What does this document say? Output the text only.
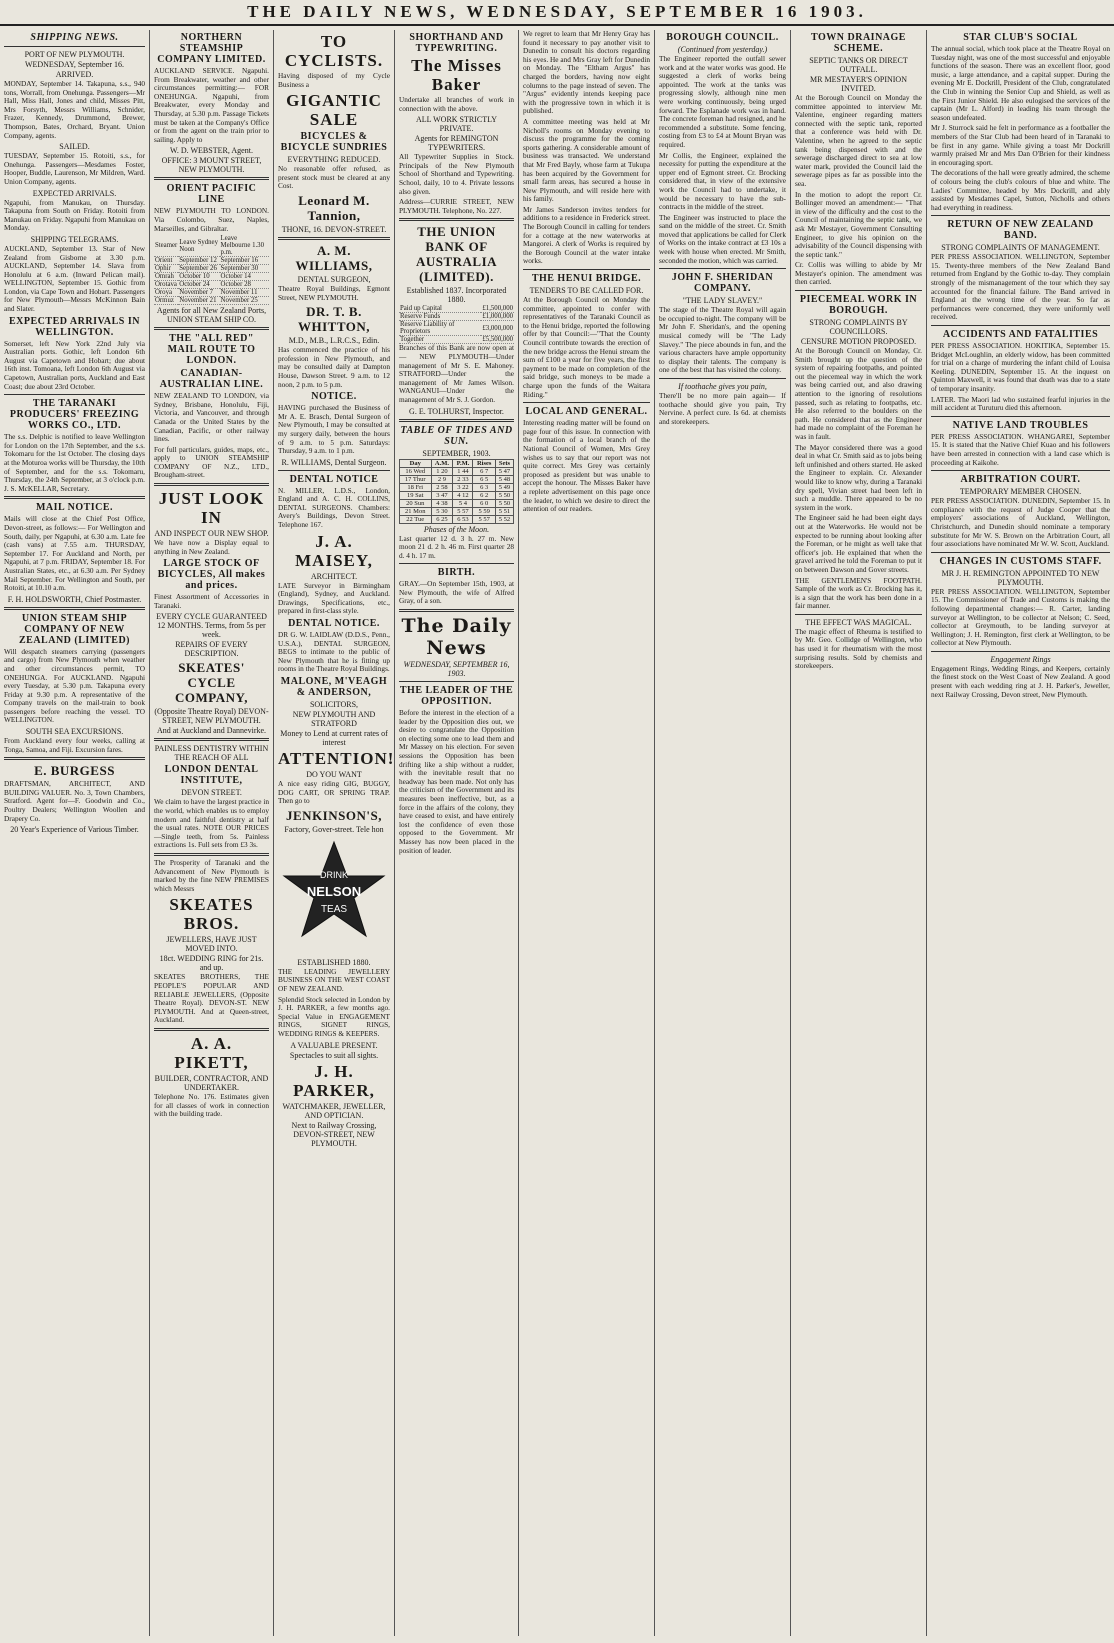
THE DAILY NEWS, WEDNESDAY, SEPTEMBER 16 1903.
SHIPPING NEWS.
PORT OF NEW PLYMOUTH.
WEDNESDAY, September 16.
ARRIVED.

MONDAY, September 14. Takapuna, s.s., 940 tons, Worrall, from Onehunga. Passengers—Mr Hall, Miss Hall, Jones and child, Misses Pitt, Mrs Forsyth, Messrs Williams, Schnider, Frazer, Kennedy, Drummond, Brewer, Thompson, Bates, Orchard, Bryant. Union Company, agents.

SAILED.

TUESDAY, September 15. Rotoiti, s.s., for Onehunga. Passengers—Mesdames Foster, Hooper, Buddle, Laurenson, Mr Mildren, Ward. Union Company, agents.

EXPECTED ARRIVALS.

Ngapuhi, from Manukau, on Thursday. Takapuna from South on Friday. Rotoiti from Manukau on Friday. Ngapuhi from Manukau on Monday.

SHIPPING TELEGRAMS.

AUCKLAND, September 13. Star of New Zealand from Gisborne at 3.30 p.m. AUCKLAND, September 14. Slava from Honolulu at 6 a.m. (Inward Pelican mail). WELLINGTON, September 15. Gothic from London, via Cape Town and Hobart. Passengers for New Plymouth—Messrs McKinnon Bain and Slater.

EXPECTED ARRIVALS IN WELLINGTON.

Somerset, left New York 22nd July via Australian ports. Gothic, left London 6th August via Capetown and Hobart; due about 16th inst. Tomoana, left London 6th August via Capetown, Australian ports, Auckland and East Coast; due about 23rd October.

THE TARANAKI PRODUCERS' FREEZING WORKS CO., LTD.

The s.s. Delphic is notified to leave Wellington for London on the 17th September, and the s.s. Tokomaru for the 1st October. The closing days at the Moturoa works will be Thursday, the 10th of September, and for the s.s. Tokomaru, Thursday, the 24th September, at 3 o'clock p.m. J. S. McKELLAR, Secretary.

MAIL NOTICE.

Mails will close at the Chief Post Office, Devon-street, as follows:— For Wellington and South, daily, per Ngapuhi, at 6.30 a.m. Late fee (cash vans) at 7.55 a.m. THURSDAY, September 17. For Auckland and North, per Ngapuhi, at 7 p.m. FRIDAY, September 18. For Australian States, etc., at 6.30 a.m. Per Sydney Mail September. For Wellington and South, per Rotoiti, at 10.10 a.m.

F. H. HOLDSWORTH, Chief Postmaster.
UNION STEAM SHIP COMPANY OF NEW ZEALAND (LIMITED)

Will despatch steamers carrying (passengers and cargo) from New Plymouth when weather and other circumstances permit, TO ONEHUNGA. For AUCKLAND. Ngapuhi every Tuesday, at 5.30 p.m. Takapuna every Friday at 9.30 p.m. A representative of the Company travels on the mail-train to book passengers before reaching the vessel. TO WELLINGTON.

SOUTH SEA EXCURSIONS.

From Auckland every four weeks, calling at Tonga, Samoa, and Fiji. Excursion fares.

E. BURGESS

DRAFTSMAN, ARCHITECT, AND BUILDING VALUER. No. 3, Town Chambers, Stratford. Agent for—F. Goodwin and Co., Poultry Dealers; Wellington Woollen and Drapery Co.

20 Year's Experience of Various Timber.
NORTHERN STEAMSHIP COMPANY LIMITED.

AUCKLAND SERVICE. Ngapuhi. From Breakwater, weather and other circumstances permitting:— FOR ONEHUNGA. Ngapuhi, from Breakwater, every Monday and Thursday, at 5.30 p.m. Passage Tickets must be taken at the Company's Office or from the agent on the train prior to sailing. Apply to

W. D. WEBSTER, Agent.
OFFICE: 3 MOUNT STREET, NEW PLYMOUTH.
ORIENT PACIFIC LINE

NEW PLYMOUTH TO LONDON. Via Colombo, Suez, Naples, Marseilles, and Gibraltar.

Steamer	Leave Sydney Noon	Leave Melbourne 1.30 p.m.
Orient	September 12	September 16
Ophir	September 26	September 30
Omrah	October 10	October 14
Orotava	October 24	October 28
Oroya	November 7	November 11
Ormuz	November 21	November 25
Agents for all New Zealand Ports, UNION STEAM SHIP CO.
THE "ALL RED" MAIL ROUTE TO LONDON.
CANADIAN-AUSTRALIAN LINE.

NEW ZEALAND TO LONDON, via Sydney, Brisbane, Honolulu, Fiji, Victoria, and Vancouver, and through Canada or the United States by the Canadian, Pacific, or other railway lines.

For full particulars, guides, maps, etc., apply to UNION STEAMSHIP COMPANY OF N.Z., LTD., Brougham-street.

JUST LOOK IN
AND INSPECT OUR NEW SHOP.

We have now a Display equal to anything in New Zealand.

LARGE STOCK OF BICYCLES, All makes and prices.

Finest Assortment of Accessories in Taranaki.

EVERY CYCLE GUARANTEED 12 MONTHS. Terms, from 5s per week.
REPAIRS OF EVERY DESCRIPTION.
SKEATES' CYCLE COMPANY,
(Opposite Theatre Royal) DEVON-STREET, NEW PLYMOUTH.
And at Auckland and Dannevirke.
PAINLESS DENTISTRY WITHIN THE REACH OF ALL
LONDON DENTAL INSTITUTE,
DEVON STREET.

We claim to have the largest practice in the world, which enables us to employ modern and faithful dentistry at half the usual rates. NOTE OUR PRICES—Single teeth, from 5s. Painless extractions 1s. Full sets from £3 3s.

The Prosperity of Taranaki and the Advancement of New Plymouth is marked by the fine NEW PREMISES which Messrs

SKEATES BROS.
JEWELLERS, HAVE JUST MOVED INTO.
18ct. WEDDING RING for 21s. and up.

SKEATES BROTHERS, THE PEOPLE'S POPULAR AND RELIABLE JEWELLERS, (Opposite Theatre Royal). DEVON-ST. NEW PLYMOUTH. And at Queen-street, Auckland.

A. A. PIKETT,
BUILDER, CONTRACTOR, AND UNDERTAKER.

Telephone No. 176. Estimates given for all classes of work in connection with the building trade.

TO CYCLISTS.

Having disposed of my Cycle Business a

GIGANTIC SALE
BICYCLES & BICYCLE SUNDRIES
EVERYTHING REDUCED.

No reasonable offer refused, as present stock must be cleared at any Cost.

Leonard M. Tannion,
THONE, 16. DEVON-STREET.
A. M. WILLIAMS,
DENTAL SURGEON,

Theatre Royal Buildings, Egmont Street, NEW PLYMOUTH.

DR. T. B. WHITTON,
M.D., M.B., L.R.C.S., Edin.

Has commenced the practice of his profession in New Plymouth, and may be consulted daily at Dampton House, Dawson Street. 9 a.m. to 12 noon, 2 p.m. to 5 p.m.

NOTICE.

HAVING purchased the Business of Mr A. E. Brasch, Dental Surgeon of New Plymouth, I may be consulted at my surgery daily, between the hours of 9 a.m. to 5 p.m. Saturdays: Thursday, 9 a.m. to 1 p.m.

R. WILLIAMS, Dental Surgeon.
DENTAL NOTICE

N. MILLER, L.D.S., London, England and A. C. H. COLLINS, DENTAL SURGEONS. Chambers: Avery's Buildings, Devon Street. Telephone 167.

J. A. MAISEY,
ARCHITECT.

LATE Surveyor in Birmingham (England), Sydney, and Auckland. Drawings, Specifications, etc., prepared in first-class style.

DENTAL NOTICE.

DR G. W. LAIDLAW (D.D.S., Penn., U.S.A.), DENTAL SURGEON, BEGS to intimate to the public of New Plymouth that he is fitting up rooms in the Theatre Royal Buildings.

MALONE, M'VEAGH & ANDERSON,
SOLICITORS,
NEW PLYMOUTH AND STRATFORD
Money to Lend at current rates of interest
ATTENTION!
DO YOU WANT

A nice easy riding GIG, BUGGY, DOG CART, OR SPRING TRAP. Then go to

JENKINSON'S,
Factory, Gover-street. Tele hon
DRINK
NELSON
TEAS
ESTABLISHED 1880.

THE LEADING JEWELLERY BUSINESS ON THE WEST COAST OF NEW ZEALAND.

Splendid Stock selected in London by J. H. PARKER, a few months ago. Special Value in ENGAGEMENT RINGS, SIGNET RINGS, WEDDING RINGS & KEEPERS.

A VALUABLE PRESENT.
Spectacles to suit all sights.
J. H. PARKER,
WATCHMAKER, JEWELLER, AND OPTICIAN.
Next to Railway Crossing, DEVON-STREET, NEW PLYMOUTH.
SHORTHAND AND TYPEWRITING.
The Misses Baker

Undertake all branches of work in connection with the above.

ALL WORK STRICTLY PRIVATE.
Agents for REMINGTON TYPEWRITERS.

All Typewriter Supplies in Stock. Principals of the New Plymouth School of Shorthand and Typewriting. School, daily, 10 to 4. Private lessons also given.

Address—CURRIE STREET, NEW PLYMOUTH. Telephone, No. 227.

THE UNION BANK OF AUSTRALIA (LIMITED).
Established 1837. Incorporated 1880.
Paid up Capital	£1,500,000
Reserve Funds	£1,000,000
Reserve Liability of Proprietors	£3,000,000
Together	£5,500,000

Branches of this Bank are now open at— NEW PLYMOUTH—Under management of Mr S. E. Mahoney. STRATFORD—Under the management of Mr James Wilson. WANGANUI—Under the management of Mr S. J. Gordon.

G. E. TOLHURST, Inspector.
TABLE OF TIDES AND SUN.
SEPTEMBER, 1903.
Day	A.M.	P.M.	Rises	Sets
16 Wed	1 20	1 44	6 7	5 47
17 Thur	2 9	2 33	6 5	5 48
18 Fri	2 58	3 22	6 3	5 49
19 Sat	3 47	4 12	6 2	5 50
20 Sun	4 38	5 4	6 0	5 50
21 Mon	5 30	5 57	5 59	5 51
22 Tue	6 25	6 53	5 57	5 52
Phases of the Moon.

Last quarter 12 d. 3 h. 27 m. New moon 21 d. 2 h. 46 m. First quarter 28 d. 4 h. 17 m.

BIRTH.

GRAY.—On September 15th, 1903, at New Plymouth, the wife of Alfred Gray, of a son.

The Daily News
WEDNESDAY, SEPTEMBER 16, 1903.
THE LEADER OF THE OPPOSITION.

Before the interest in the election of a leader by the Opposition dies out, we desire to congratulate the Opposition on electing some one to lead them and Mr Massey on his election. For seven sessions the Opposition has been drifting like a ship without a rudder, with the inevitable result that no headway has been made. Not only has the criticism of the Government and its measures been ineffective, but, as a force in the affairs of the colony, they have ceased to exist, and have entirely lost the confidence of even those opposed to the Government. Mr Massey has now been placed in the position of leader.

We regret to learn that Mr Henry Gray has found it necessary to pay another visit to Dunedin to consult his doctors regarding his eyes. He and Mrs Gray left for Dunedin on Monday. The "Eltham Argus" has charged the borders, having now eight columns to the page instead of seven. The "Argus" evidently intends keeping pace with the progressive town in which it is published.

A committee meeting was held at Mr Nicholl's rooms on Monday evening to discuss the programme for the coming sports gathering. A considerable amount of business was transacted. We understand that Mr Fred Bayly, whose farm at Tukupa has been acquired by the Government for small farm areas, has secured a house in New Plymouth, and will reside here with his family.

Mr James Sanderson invites tenders for additions to a residence in Frederick street. The Borough Council in calling for tenders for a cottage at the new waterworks at Mangorei. A clerk of Works is required by the Borough Council at the water intake works.

THE HENUI BRIDGE.
TENDERS TO BE CALLED FOR.

At the Borough Council on Monday the committee, appointed to confer with representatives of the Taranaki Council as to the Henui bridge, reported the following offer by that Council:—"That the County Council contribute towards the erection of the new bridge across the Henui stream the sum of £100 a year for five years, the first payment to be made on completion of the said bridge, such moneys to be made a charge upon the funds of the Waitara Riding."

LOCAL AND GENERAL.

Interesting reading matter will be found on page four of this issue. In connection with the formation of a local branch of the National Council of Women, Mrs Grey wishes us to say that our report was not quite correct. Mrs Grey was certainly proposed as president but was unable to accept the honour. The Misses Baker have a replete advertisement on this page once the leader, to which we desire to direct the attention of our readers.

BOROUGH COUNCIL.
(Continued from yesterday.)

The Engineer reported the outfall sewer work and at the water works was good. He suggested a clerk of works being appointed. The work at the tanks was progressing slowly, although nine men were working continuously, being urged forward. The Esplanade work was in hand. The concrete foreman had resigned, and he recommended a substitute. Some fencing, costing from £3 to £4 at Mount Bryan was required.

Mr Collis, the Engineer, explained the necessity for putting the expenditure at the upper end of Egmont street. Cr. Brocking considered that, in view of the extensive work the Council had to undertake, it would be necessary to have the sub-contracts in the middle of the street.

The Engineer was instructed to place the sand on the middle of the street. Cr. Smith moved that applications be called for Clerk of Works on the intake contract at £3 10s a week with house when erected. Mr Smith, seconded the motion, which was carried.

JOHN F. SHERIDAN COMPANY.
"THE LADY SLAVEY."

The stage of the Theatre Royal will again be occupied to-night. The company will be Mr John F. Sheridan's, and the opening musical comedy will be "The Lady Slavey." The piece abounds in fun, and the various characters have ample opportunity to display their talents. The company is one of the best that has visited the colony.

If toothache gives you pain,

There'll be no more pain again— If toothache should give you pain, Try Nervine. A perfect cure. Is 6d. at chemists and storekeepers.

TOWN DRAINAGE SCHEME.
SEPTIC TANKS OR DIRECT OUTFALL.
MR MESTAYER'S OPINION INVITED.

At the Borough Council on Monday the committee appointed to interview Mr. Valentine, engineer regarding matters connected with the septic tank, reported that a conference was held with Dr. Valentine, when he agreed to the septic tank being dispensed with and the sewerage discharged direct to sea at low water mark, provided the Council laid the sewerage pipes as far as possible into the sea.

In the motion to adopt the report Cr. Bollinger moved an amendment:— "That in view of the difficulty and the cost to the Council of maintaining the septic tank, we ask Mr Mestayer, Government Consulting Engineer, to give his opinion on the advisability of the Council dispensing with the septic tank."

Cr. Collis was willing to abide by Mr Mestayer's opinion. The amendment was then carried.

PIECEMEAL WORK IN BOROUGH.
STRONG COMPLAINTS BY COUNCILLORS.
CENSURE MOTION PROPOSED.

At the Borough Council on Monday, Cr. Smith brought up the question of the system of repairing footpaths, and pointed out the piecemeal way in which the work was being carried out, and also drawing attention to the ignoring of resolutions passed, such as relating to footpaths, etc. He also referred to the boulders on the path. He considered that as the Engineer had made no complaint of the Foreman he was in fault.

The Mayor considered there was a good deal in what Cr. Smith said as to jobs being left unfinished and others started. He asked the Engineer to explain. Cr. Alexander would like to know why, during a Taranaki dry spell, Vivian street had been left in such a muddle. There appeared to be no system in the work.

The Engineer said he had been eight days out at the Waterworks. He would not be expected to be running about looking after the Foreman, or he might as well take that officer's job. He explained that when the gravel arrived he told the Foreman to put it on between Dawson and Gover streets.

THE GENTLEMEN'S FOOTPATH. Sample of the work as Cr. Brocking has it, is a sign that the work has been done in a fair manner.

THE EFFECT WAS MAGICAL.

The magic effect of Rheuma is testified to by Mr. Geo. Collidge of Wellington, who has used it for rheumatism with the most surprising results. Sold by chemists and storekeepers.

STAR CLUB'S SOCIAL

The annual social, which took place at the Theatre Royal on Tuesday night, was one of the most successful and enjoyable functions of the season. There was an excellent floor, good music, a large attendance, and a capital supper. During the evening Mr E. Dockrill, President of the Club, congratulated the Club in winning the Senior Cup and Shield, as well as the First Junior Shield. He also eulogised the services of the captain (Mr L. Alford) in leading his team through the season undefeated.

Mr J. Sturrock said he felt in performance as a footballer the members of the Star Club had been heard of in Taranaki to be first in any game. While giving a toast Mr Dockrill warmly praised Mr and Mrs Dan O'Brien for their kindness in encouraging sport.

The decorations of the hall were greatly admired, the scheme of colours being the club's colours of blue and white. The Ladies' Committee, headed by Mrs Dockrill, and ably assisted by Mesdames Capel, Sutton, Nicholls and others had everything in readiness.

RETURN OF NEW ZEALAND BAND.
STRONG COMPLAINTS OF MANAGEMENT.

PER PRESS ASSOCIATION. WELLINGTON, September 15. Twenty-three members of the New Zealand Band returned from England by the Gothic to-day. They complain strongly of the mismanagement of the tour which they say accounted for the financial failure. The Band arrived in England at the wrong time of the year. So far as performances were concerned, they were uniformly well received.

ACCIDENTS AND FATALITIES

PER PRESS ASSOCIATION. HOKITIKA, September 15. Bridget McLoughlin, an elderly widow, has been committed for trial on a charge of murdering the infant child of Louisa Keeling. DUNEDIN, September 15. At the inquest on Quinton Maxwell, it was found that death was due to a state of temporary insanity.

LATER. The Maori lad who sustained fearful injuries in the mill accident at Turuturu died this afternoon.

NATIVE LAND TROUBLES

PER PRESS ASSOCIATION. WHANGAREI, September 15. It is stated that the Native Chief Kuao and his followers have been arrested in connection with a land case which is proceeding at Kaikohe.

ARBITRATION COURT.
TEMPORARY MEMBER CHOSEN.

PER PRESS ASSOCIATION. DUNEDIN, September 15. In compliance with the request of Judge Cooper that the employers' associations of Auckland, Wellington, Christchurch, and Dunedin should nominate a temporary substitute for Mr W. S. Brown on the Arbitration Court, all four associations have nominated Mr W. W. Scott, Auckland.

CHANGES IN CUSTOMS STAFF.
MR J. H. REMINGTON APPOINTED TO NEW PLYMOUTH.

PER PRESS ASSOCIATION. WELLINGTON, September 15. The Commissioner of Trade and Customs is making the following departmental changes:— R. Carter, landing surveyor at Wellington, to be collector at Nelson; C. Seed, collector at Greymouth, to be landing surveyor at Wellington; J. H. Remington, first clerk at Wellington, to be collector at New Plymouth.

Engagement Rings

Engagement Rings, Wedding Rings, and Keepers, certainly the finest stock on the West Coast of New Zealand. A good present with each wedding ring at J. H. Parker's, Jeweller, next Railway Crossing, Devon street, New Plymouth.
